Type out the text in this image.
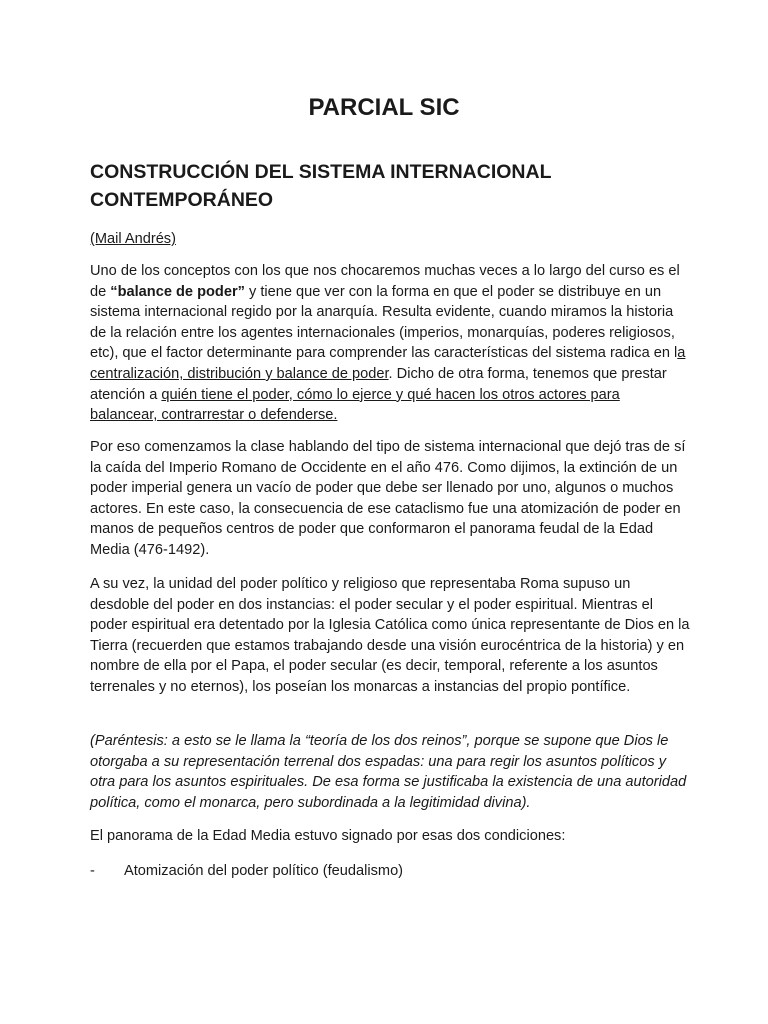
PARCIAL SIC
CONSTRUCCIÓN DEL SISTEMA INTERNACIONAL CONTEMPORÁNEO
(Mail Andrés)

Uno de los conceptos con los que nos chocaremos muchas veces a lo largo del curso es el de “balance de poder” y tiene que ver con la forma en que el poder se distribuye en un sistema internacional regido por la anarquía. Resulta evidente, cuando miramos la historia de la relación entre los agentes internacionales (imperios, monarquías, poderes religiosos, etc), que el factor determinante para comprender las características del sistema radica en la centralización, distribución y balance de poder. Dicho de otra forma, tenemos que prestar atención a quién tiene el poder, cómo lo ejerce y qué hacen los otros actores para balancear, contrarrestar o defenderse.

Por eso comenzamos la clase hablando del tipo de sistema internacional que dejó tras de sí la caída del Imperio Romano de Occidente en el año 476. Como dijimos, la extinción de un poder imperial genera un vacío de poder que debe ser llenado por uno, algunos o muchos actores. En este caso, la consecuencia de ese cataclismo fue una atomización de poder en manos de pequeños centros de poder que conformaron el panorama feudal de la Edad Media (476-1492).

A su vez, la unidad del poder político y religioso que representaba Roma supuso un desdoble del poder en dos instancias: el poder secular y el poder espiritual. Mientras el poder espiritual era detentado por la Iglesia Católica como única representante de Dios en la Tierra (recuerden que estamos trabajando desde una visión eurocéntrica de la historia) y en nombre de ella por el Papa, el poder secular (es decir, temporal, referente a los asuntos terrenales y no eternos), los poseían los monarcas a instancias del propio pontífice.

(Paréntesis: a esto se le llama la “teoría de los dos reinos”, porque se supone que Dios le otorgaba a su representación terrenal dos espadas: una para regir los asuntos políticos y otra para los asuntos espirituales. De esa forma se justificaba la existencia de una autoridad política, como el monarca, pero subordinada a la legitimidad divina).

El panorama de la Edad Media estuvo signado por esas dos condiciones:

- Atomización del poder político (feudalismo)
